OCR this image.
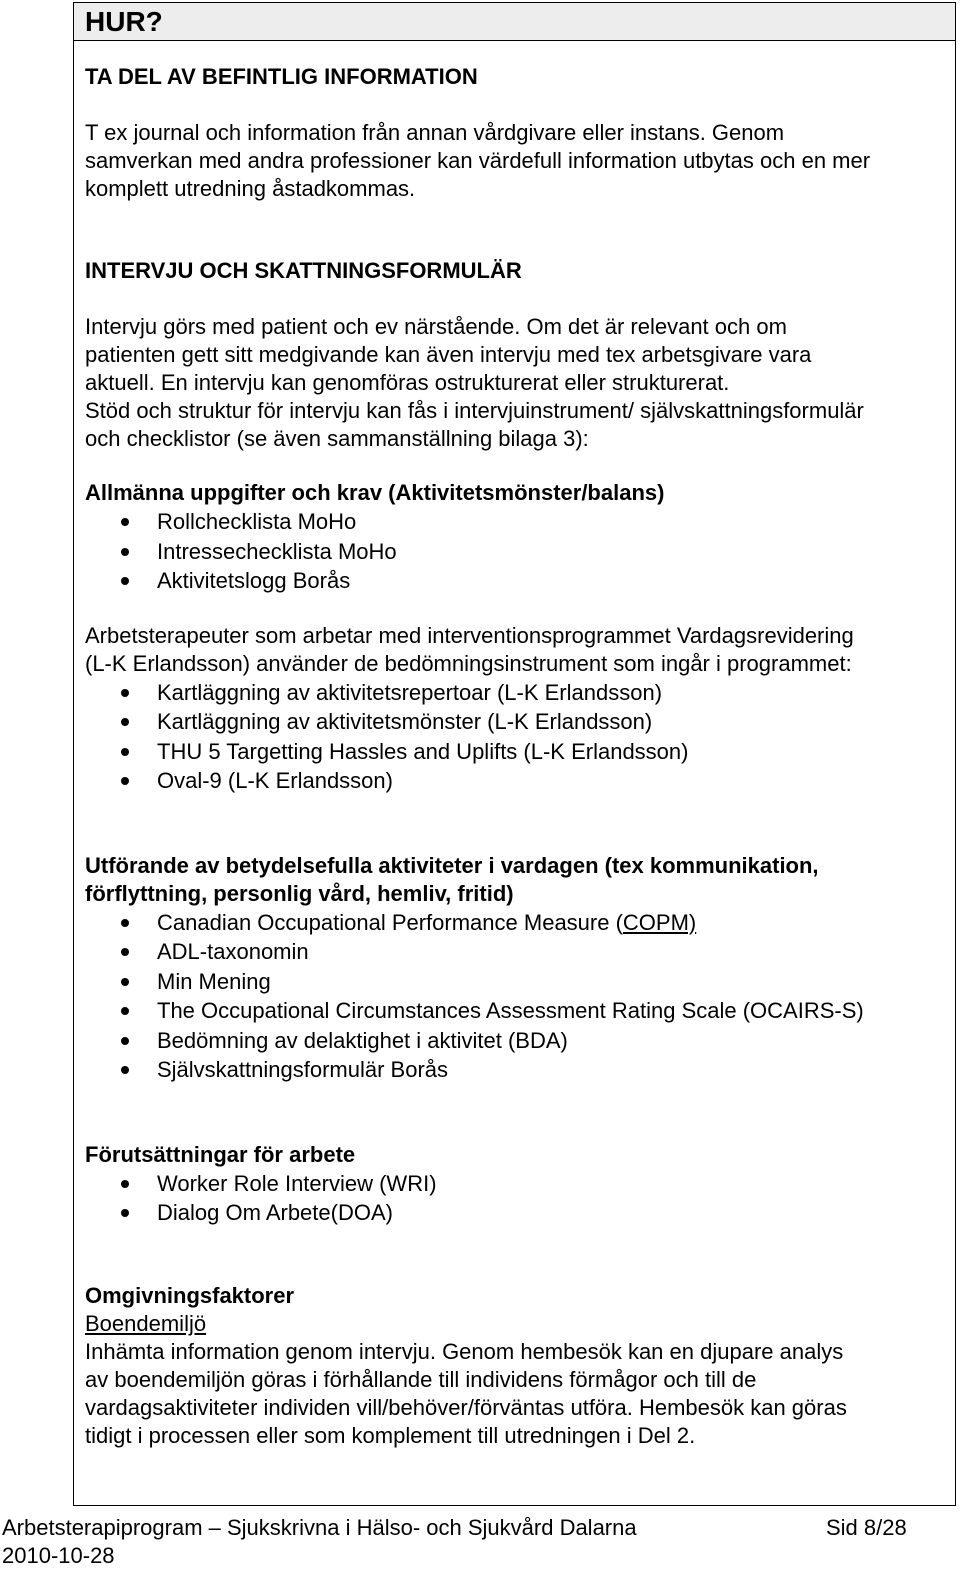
HUR?

TA DEL AV BEFINTLIG INFORMATION

T ex journal och information från annan vårdgivare eller instans. Genom

samverkan med andra professioner kan värdefull information utbytas och en mer

komplett utredning åstadkommas.

INTERVJU OCH SKATTNINGSFORMULÄR

Intervju görs med patient och ev närstående. Om det är relevant och om

patienten gett sitt medgivande kan även intervju med tex arbetsgivare vara

aktuell. En intervju kan genomföras ostrukturerat eller strukturerat.

Stöd och struktur för intervju kan fås i intervjuinstrument/ självskattningsformulär

och checklistor (se även sammanställning bilaga 3):

Allmänna uppgifter och krav (Aktivitetsmönster/balans)

Rollchecklista MoHo
Intressechecklista MoHo
Aktivitetslogg Borås

Arbetsterapeuter som arbetar med interventionsprogrammet Vardagsrevidering

(L-K Erlandsson) använder de bedömningsinstrument som ingår i programmet:

Kartläggning av aktivitetsrepertoar (L-K Erlandsson)
Kartläggning av aktivitetsmönster (L-K Erlandsson)
THU 5 Targetting Hassles and Uplifts (L-K Erlandsson)
Oval-9 (L-K Erlandsson)

Utförande av betydelsefulla aktiviteter i vardagen (tex kommunikation,

förflyttning, personlig vård, hemliv, fritid)

Canadian Occupational Performance Measure (COPM)
ADL-taxonomin
Min Mening
The Occupational Circumstances Assessment Rating Scale (OCAIRS-S)
Bedömning av delaktighet i aktivitet (BDA)
Självskattningsformulär Borås

Förutsättningar för arbete

Worker Role Interview (WRI)
Dialog Om Arbete(DOA)

Omgivningsfaktorer

Boendemiljö

Inhämta information genom intervju. Genom hembesök kan en djupare analys

av boendemiljön göras i förhållande till individens förmågor och till de

vardagsaktiviteter individen vill/behöver/förväntas utföra. Hembesök kan göras

tidigt i processen eller som komplement till utredningen i Del 2.

Arbetsterapiprogram – Sjukskrivna i Hälso- och Sjukvård Dalarna	Sid 8/28
2010-10-28
